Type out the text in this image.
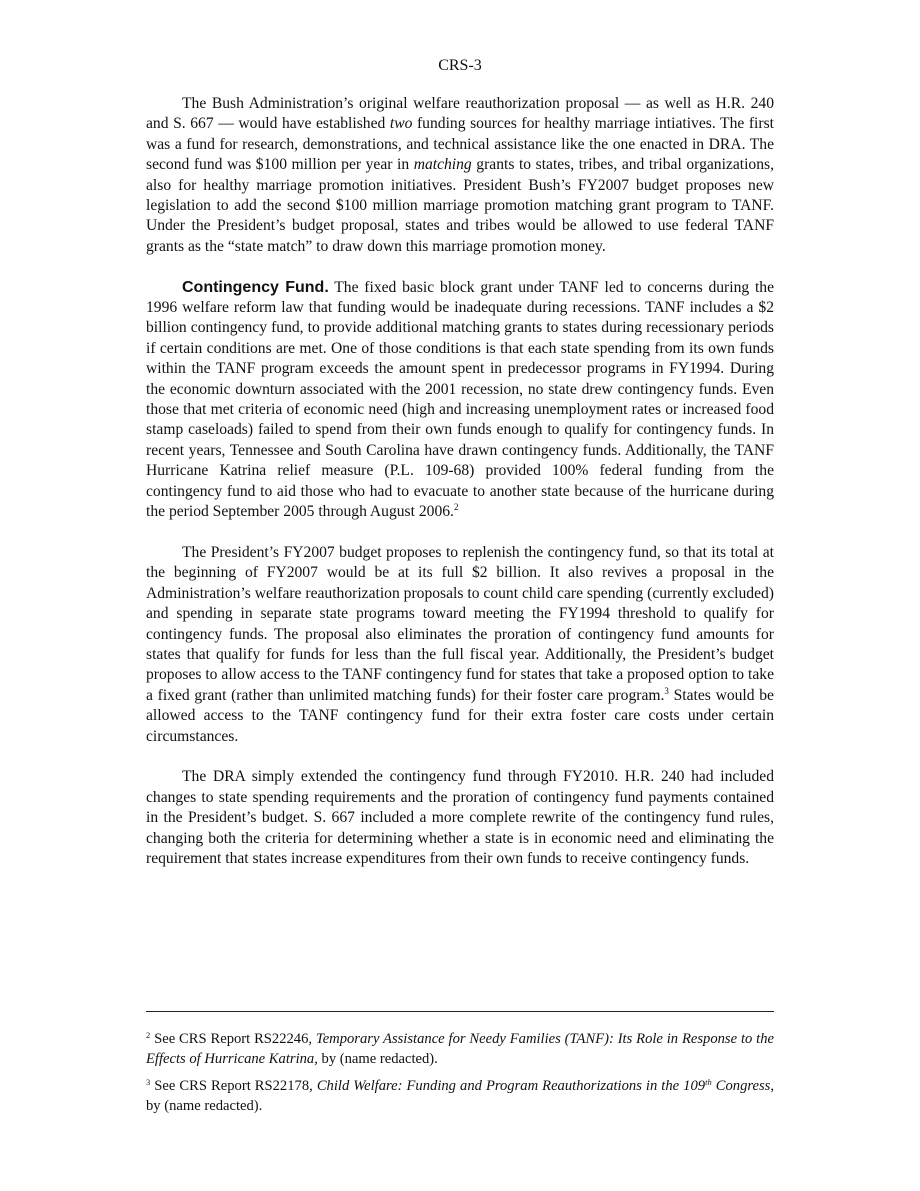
CRS-3

The Bush Administration’s original welfare reauthorization proposal — as well as H.R. 240 and S. 667 — would have established two funding sources for healthy marriage intiatives. The first was a fund for research, demonstrations, and technical assistance like the one enacted in DRA. The second fund was $100 million per year in matching grants to states, tribes, and tribal organizations, also for healthy marriage promotion initiatives. President Bush’s FY2007 budget proposes new legislation to add the second $100 million marriage promotion matching grant program to TANF. Under the President’s budget proposal, states and tribes would be allowed to use federal TANF grants as the “state match” to draw down this marriage promotion money.

Contingency Fund. The fixed basic block grant under TANF led to concerns during the 1996 welfare reform law that funding would be inadequate during recessions. TANF includes a $2 billion contingency fund, to provide additional matching grants to states during recessionary periods if certain conditions are met. One of those conditions is that each state spending from its own funds within the TANF program exceeds the amount spent in predecessor programs in FY1994. During the economic downturn associated with the 2001 recession, no state drew contingency funds. Even those that met criteria of economic need (high and increasing unemployment rates or increased food stamp caseloads) failed to spend from their own funds enough to qualify for contingency funds. In recent years, Tennessee and South Carolina have drawn contingency funds. Additionally, the TANF Hurricane Katrina relief measure (P.L. 109-68) provided 100% federal funding from the contingency fund to aid those who had to evacuate to another state because of the hurricane during the period September 2005 through August 2006.$^2$

The President’s FY2007 budget proposes to replenish the contingency fund, so that its total at the beginning of FY2007 would be at its full $2 billion. It also revives a proposal in the Administration’s welfare reauthorization proposals to count child care spending (currently excluded) and spending in separate state programs toward meeting the FY1994 threshold to qualify for contingency funds. The proposal also eliminates the proration of contingency fund amounts for states that qualify for funds for less than the full fiscal year. Additionally, the President’s budget proposes to allow access to the TANF contingency fund for states that take a proposed option to take a fixed grant (rather than unlimited matching funds) for their foster care program.$^3$ States would be allowed access to the TANF contingency fund for their extra foster care costs under certain circumstances.

The DRA simply extended the contingency fund through FY2010. H.R. 240 had included changes to state spending requirements and the proration of contingency fund payments contained in the President’s budget. S. 667 included a more complete rewrite of the contingency fund rules, changing both the criteria for determining whether a state is in economic need and eliminating the requirement that states increase expenditures from their own funds to receive contingency funds.

$^2$ See CRS Report RS22246, Temporary Assistance for Needy Families (TANF): Its Role in Response to the Effects of Hurricane Katrina, by (name redacted).

$^3$ See CRS Report RS22178, Child Welfare: Funding and Program Reauthorizations in the 109th Congress, by (name redacted).
